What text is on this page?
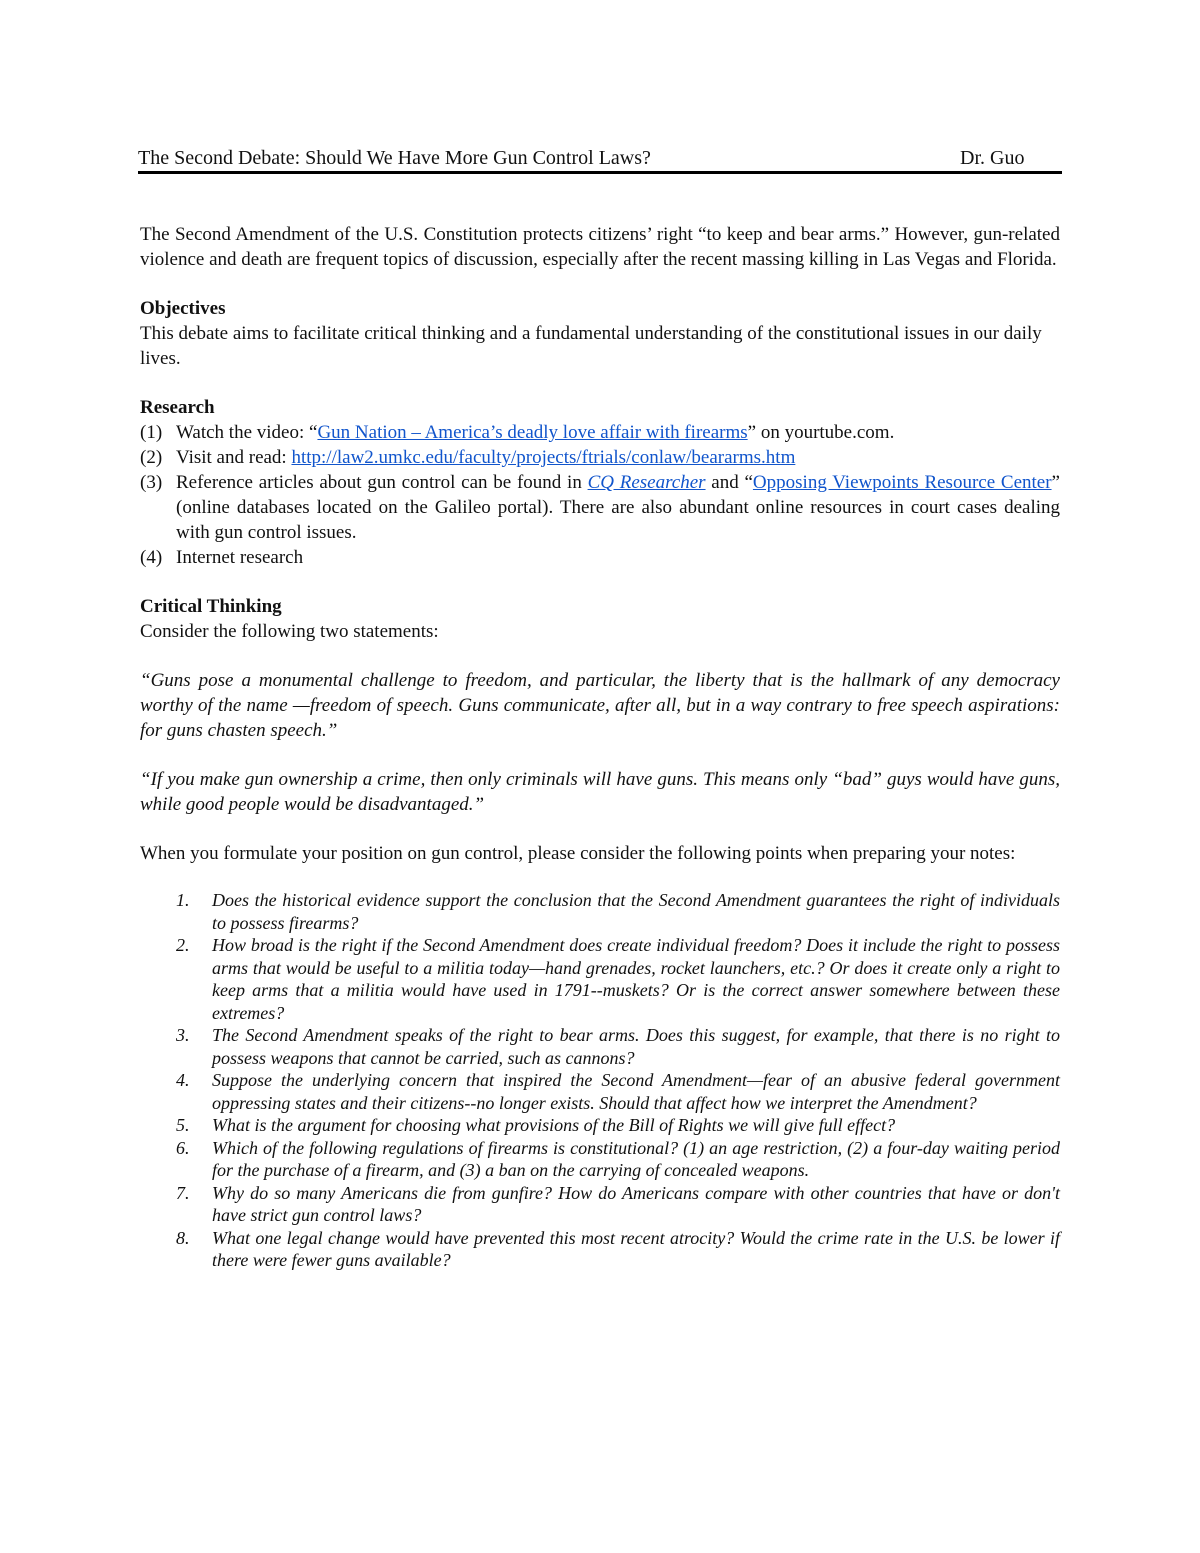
The Second Debate: Should We Have More Gun Control Laws?	Dr. Guo

The Second Amendment of the U.S. Constitution protects citizens’ right “to keep and bear arms.” However, gun-related violence and death are frequent topics of discussion, especially after the recent massing killing in Las Vegas and Florida.

Objectives

This debate aims to facilitate critical thinking and a fundamental understanding of the constitutional issues in our daily lives.

Research

(1) Watch the video: “Gun Nation – America’s deadly love affair with firearms” on yourtube.com.
(2) Visit and read: http://law2.umkc.edu/faculty/projects/ftrials/conlaw/beararms.htm
(3) Reference articles about gun control can be found in CQ Researcher and “Opposing Viewpoints Resource Center” (online databases located on the Galileo portal). There are also abundant online resources in court cases dealing with gun control issues.
(4) Internet research

Critical Thinking

Consider the following two statements:

“Guns pose a monumental challenge to freedom, and particular, the liberty that is the hallmark of any democracy worthy of the name —freedom of speech. Guns communicate, after all, but in a way contrary to free speech aspirations: for guns chasten speech.”

“If you make gun ownership a crime, then only criminals will have guns. This means only “bad” guys would have guns, while good people would be disadvantaged.”

When you formulate your position on gun control, please consider the following points when preparing your notes:

1. Does the historical evidence support the conclusion that the Second Amendment guarantees the right of individuals to possess firearms?
2. How broad is the right if the Second Amendment does create individual freedom? Does it include the right to possess arms that would be useful to a militia today—hand grenades, rocket launchers, etc.? Or does it create only a right to keep arms that a militia would have used in 1791--muskets? Or is the correct answer somewhere between these extremes?
3. The Second Amendment speaks of the right to bear arms. Does this suggest, for example, that there is no right to possess weapons that cannot be carried, such as cannons?
4. Suppose the underlying concern that inspired the Second Amendment—fear of an abusive federal government oppressing states and their citizens--no longer exists. Should that affect how we interpret the Amendment?
5. What is the argument for choosing what provisions of the Bill of Rights we will give full effect?
6. Which of the following regulations of firearms is constitutional? (1) an age restriction, (2) a four-day waiting period for the purchase of a firearm, and (3) a ban on the carrying of concealed weapons.
7. Why do so many Americans die from gunfire? How do Americans compare with other countries that have or don't have strict gun control laws?
8. What one legal change would have prevented this most recent atrocity? Would the crime rate in the U.S. be lower if there were fewer guns available?
